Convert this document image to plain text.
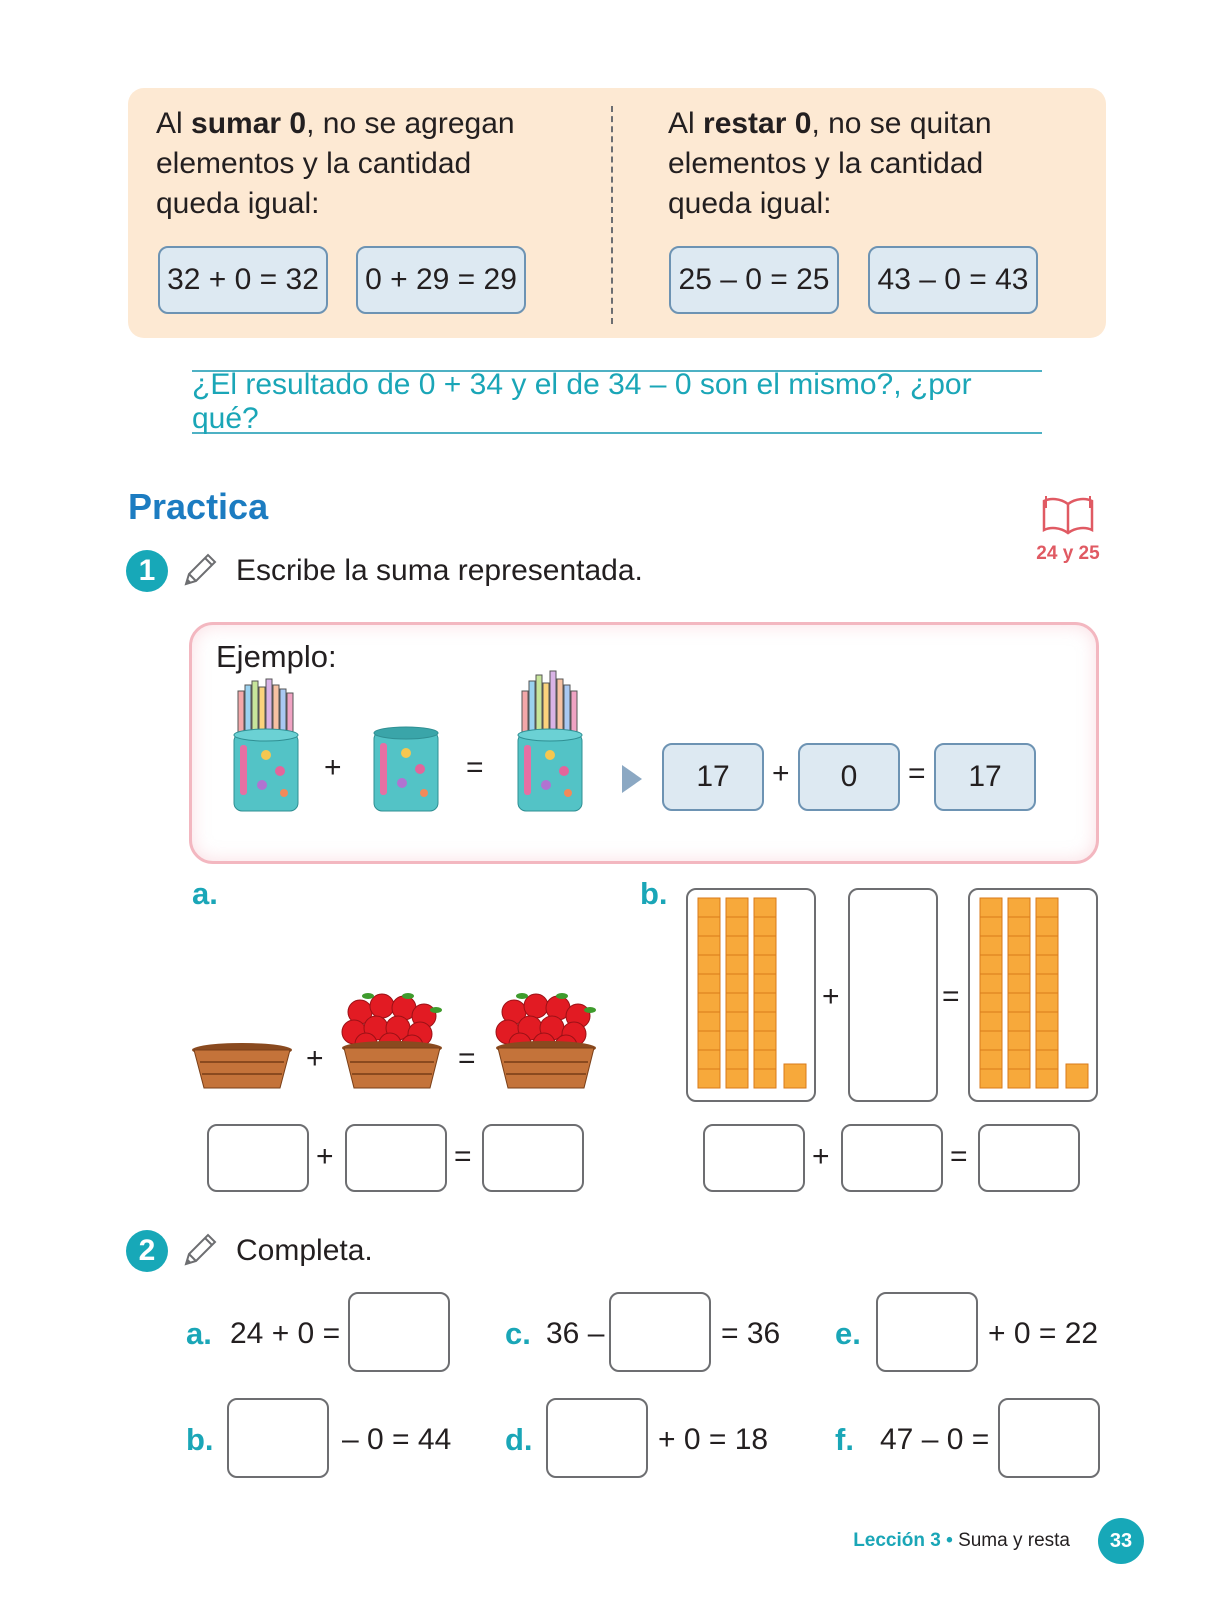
Al sumar 0, no se agregan elementos y la cantidad queda igual:
Al restar 0, no se quitan elementos y la cantidad queda igual:
32 + 0 = 32	0 + 29 = 29	25 – 0 = 25	43 – 0 = 43
¿El resultado de 0 + 34 y el de 34 – 0 son el mismo?, ¿por qué?
Practica
24 y 25
1	Escribe la suma representada.
Ejemplo:
+	=	17	+	0	=	17
a.
+	=
+	=
b.
+	=
+	=
2	Completa.
a. 24 + 0 =	c. 36 –	= 36 e.	+ 0 = 22
b.	– 0 = 44 d.	+ 0 = 18 f. 47 – 0 =
Lección 3 • Suma y resta	33
